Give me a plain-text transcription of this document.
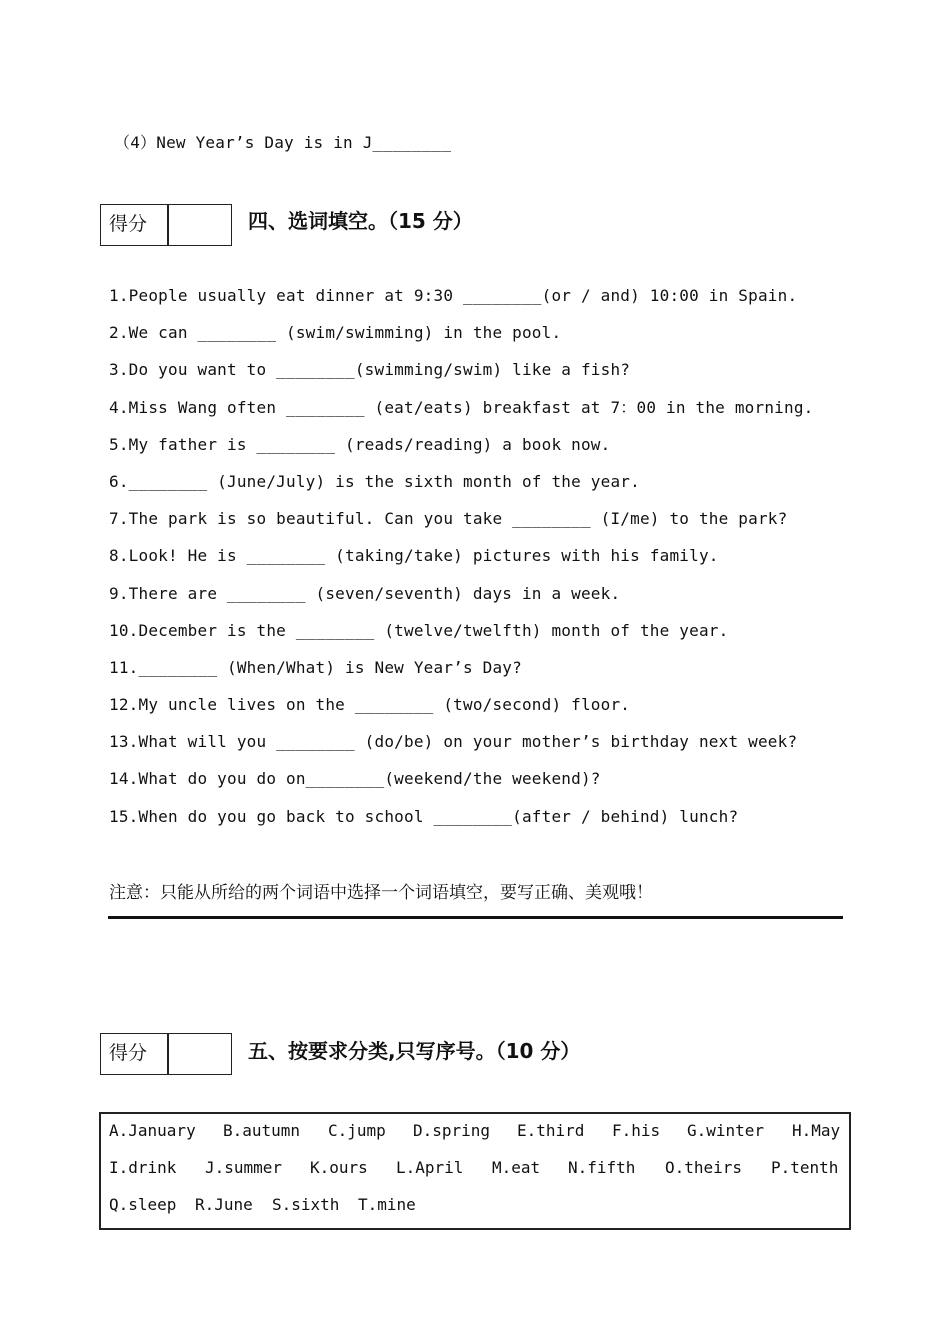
（4）New Year’s Day is in J________
得分	四、选词填空。（15 分）
1.People usually eat dinner at 9:30 ________(or / and) 10:00 in Spain.
2.We can ________ (swim/swimming) in the pool.
3.Do you want to ________(swimming/swim) like a fish?
4.Miss Wang often ________ (eat/eats) breakfast at 7：00 in the morning.
5.My father is ________ (reads/reading) a book now.
6.________ (June/July) is the sixth month of the year.
7.The park is so beautiful. Can you take ________ (I/me) to the park?
8.Look! He is ________ (taking/take) pictures with his family.
9.There are ________ (seven/seventh) days in a week.
10.December is the ________ (twelve/twelfth) month of the year.
11.________ (When/What) is New Year’s Day?
12.My uncle lives on the ________ (two/second) floor.
13.What will you ________ (do/be) on your mother’s birthday next week?
14.What do you do on________(weekend/the weekend)?
15.When do you go back to school ________(after / behind) lunch?
注意：只能从所给的两个词语中选择一个词语填空，要写正确、美观哦！
得分	五、按要求分类,只写序号。（10 分）
A.January B.autumn C.jump D.spring E.third F.his G.winter H.May
I.drink J.summer K.ours L.April M.eat N.fifth O.theirs P.tenth
Q.sleep R.June S.sixth T.mine
